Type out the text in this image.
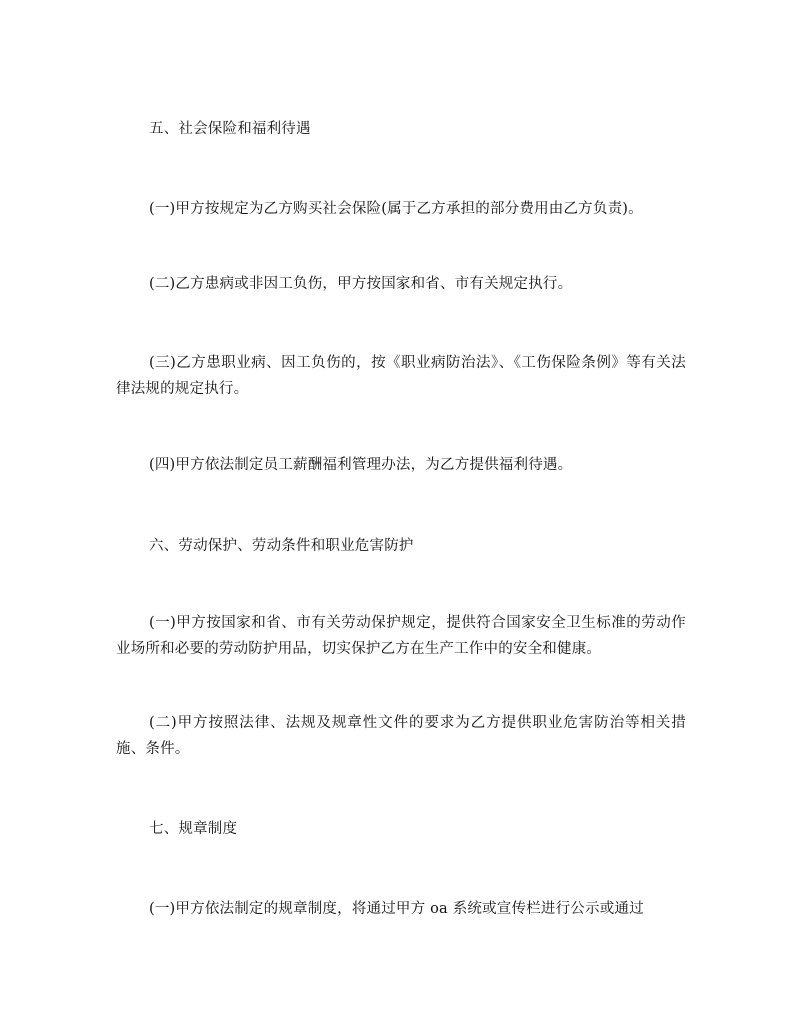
五、社会保险和福利待遇

(一)甲方按规定为乙方购买社会保险(属于乙方承担的部分费用由乙方负责)。

(二)乙方患病或非因工负伤，甲方按国家和省、市有关规定执行。

(三)乙方患职业病、因工负伤的，按《职业病防治法》、《工伤保险条例》等有关法律法规的规定执行。

(四)甲方依法制定员工薪酬福利管理办法，为乙方提供福利待遇。

六、劳动保护、劳动条件和职业危害防护

(一)甲方按国家和省、市有关劳动保护规定，提供符合国家安全卫生标准的劳动作业场所和必要的劳动防护用品，切实保护乙方在生产工作中的安全和健康。

(二)甲方按照法律、法规及规章性文件的要求为乙方提供职业危害防治等相关措施、条件。

七、规章制度

(一)甲方依法制定的规章制度，将通过甲方 oa 系统或宣传栏进行公示或通过
